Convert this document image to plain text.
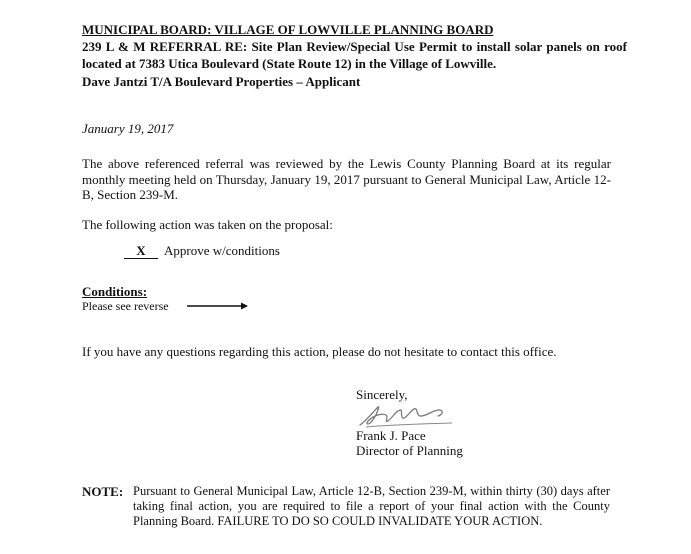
MUNICIPAL BOARD: VILLAGE OF LOWVILLE PLANNING BOARD
239 L & M REFERRAL RE: Site Plan Review/Special Use Permit to install solar panels on roof located at 7383 Utica Boulevard (State Route 12) in the Village of Lowville.
Dave Jantzi T/A Boulevard Properties – Applicant
January 19, 2017
The above referenced referral was reviewed by the Lewis County Planning Board at its regular monthly meeting held on Thursday, January 19, 2017 pursuant to General Municipal Law, Article 12-B, Section 239-M.
The following action was taken on the proposal:
X	Approve w/conditions
Conditions:
Please see reverse
If you have any questions regarding this action, please do not hesitate to contact this office.
Sincerely,
Frank J. Pace
Director of Planning
NOTE: Pursuant to General Municipal Law, Article 12-B, Section 239-M, within thirty (30) days after taking final action, you are required to file a report of your final action with the County Planning Board. FAILURE TO DO SO COULD INVALIDATE YOUR ACTION.
